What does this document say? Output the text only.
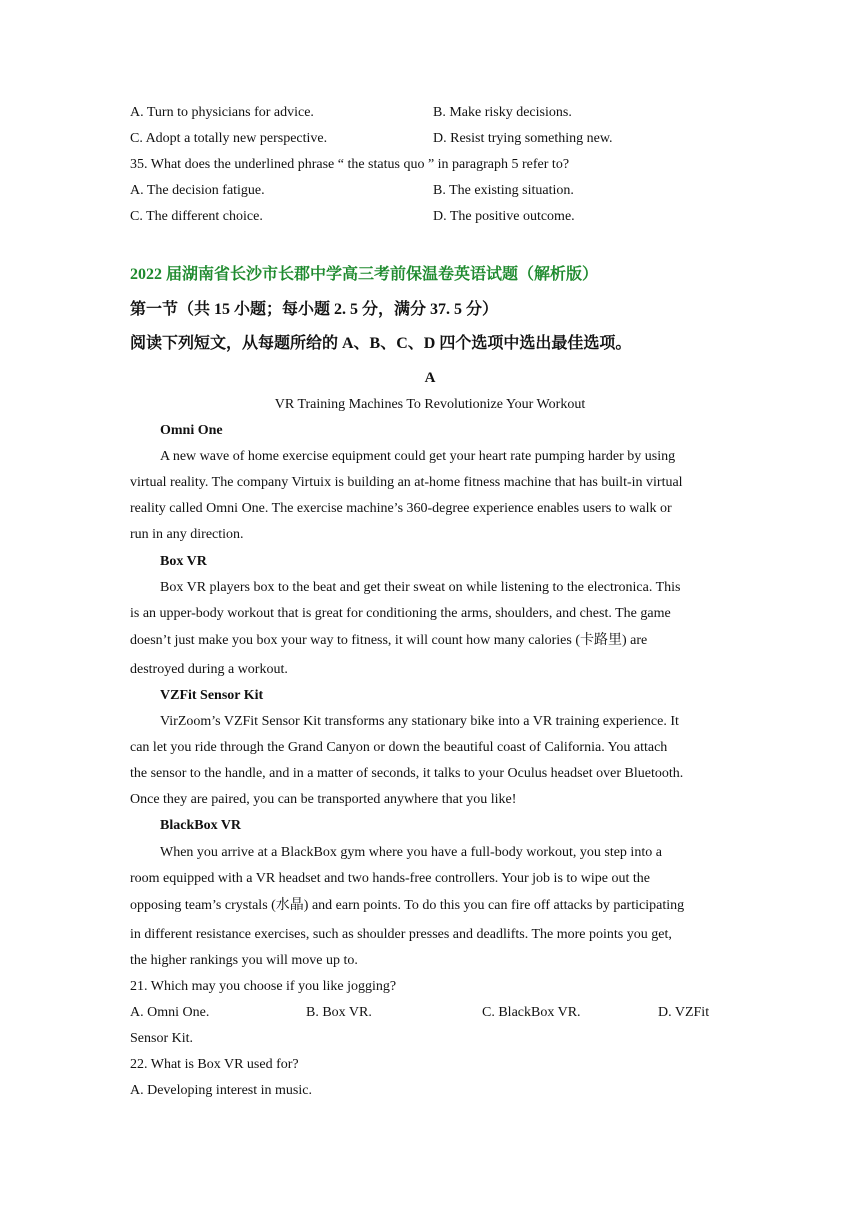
A. Turn to physicians for advice.	B. Make risky decisions.
C. Adopt a totally new perspective.	D. Resist trying something new.
35. What does the underlined phrase “ the status quo ” in paragraph 5 refer to?
A. The decision fatigue.	B. The existing situation.
C. The different choice.	D. The positive outcome.
2022 届湖南省长沙市长郡中学高三考前保温卷英语试题（解析版）
第一节（共 15 小题；每小题 2. 5 分，满分 37. 5 分）
阅读下列短文，从每题所给的 A、B、C、D 四个选项中选出最佳选项。
A
VR Training Machines To Revolutionize Your Workout
Omni One
A new wave of home exercise equipment could get your heart rate pumping harder by using
virtual reality. The company Virtuix is building an at-home fitness machine that has built-in virtual
reality called Omni One. The exercise machine’s 360-degree experience enables users to walk or
run in any direction.
Box VR
Box VR players box to the beat and get their sweat on while listening to the electronica. This
is an upper-body workout that is great for conditioning the arms, shoulders, and chest. The game
doesn’t just make you box your way to fitness, it will count how many calories (卡路里) are
destroyed during a workout.
VZFit Sensor Kit
VirZoom’s VZFit Sensor Kit transforms any stationary bike into a VR training experience. It
can let you ride through the Grand Canyon or down the beautiful coast of California. You attach
the sensor to the handle, and in a matter of seconds, it talks to your Oculus headset over Bluetooth.
Once they are paired, you can be transported anywhere that you like!
BlackBox VR
When you arrive at a BlackBox gym where you have a full-body workout, you step into a
room equipped with a VR headset and two hands-free controllers. Your job is to wipe out the
opposing team’s crystals (水晶) and earn points. To do this you can fire off attacks by participating
in different resistance exercises, such as shoulder presses and deadlifts. The more points you get,
the higher rankings you will move up to.
21. Which may you choose if you like jogging?
A. Omni One.	B. Box VR.	C. BlackBox VR.	D. VZFit
Sensor Kit.
22. What is Box VR used for?
A. Developing interest in music.
